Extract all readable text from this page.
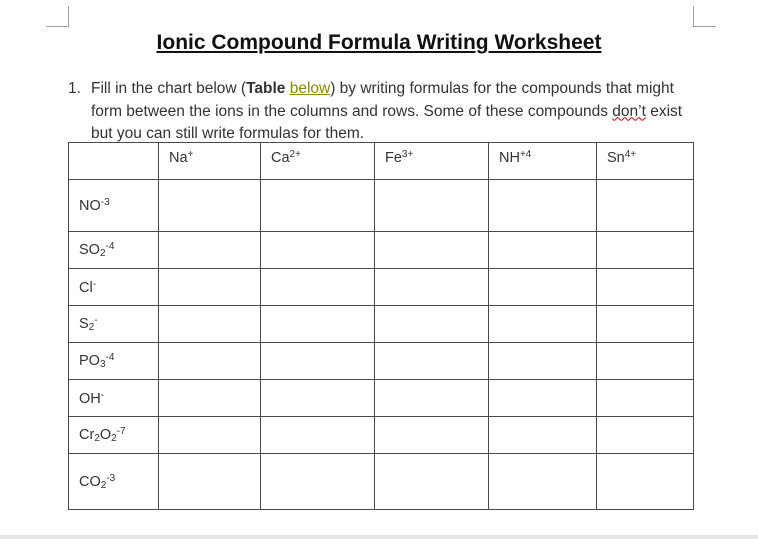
Ionic Compound Formula Writing Worksheet
1. Fill in the chart below (Table below) by writing formulas for the compounds that might form between the ions in the columns and rows. Some of these compounds don’t exist but you can still write formulas for them.
	Na+	$Ca^{2+}$	$Fe^{3+}$	$NH^{+4}$	$Sn^{4+}$
$NO^{-3}$					
$SO_2^{-4}$					
Cl-					
$S_2^-$					
$PO_3^{-4}$					
OH-					
$Cr_2O_2^{-7}$					
$CO_2^{-3}$					
